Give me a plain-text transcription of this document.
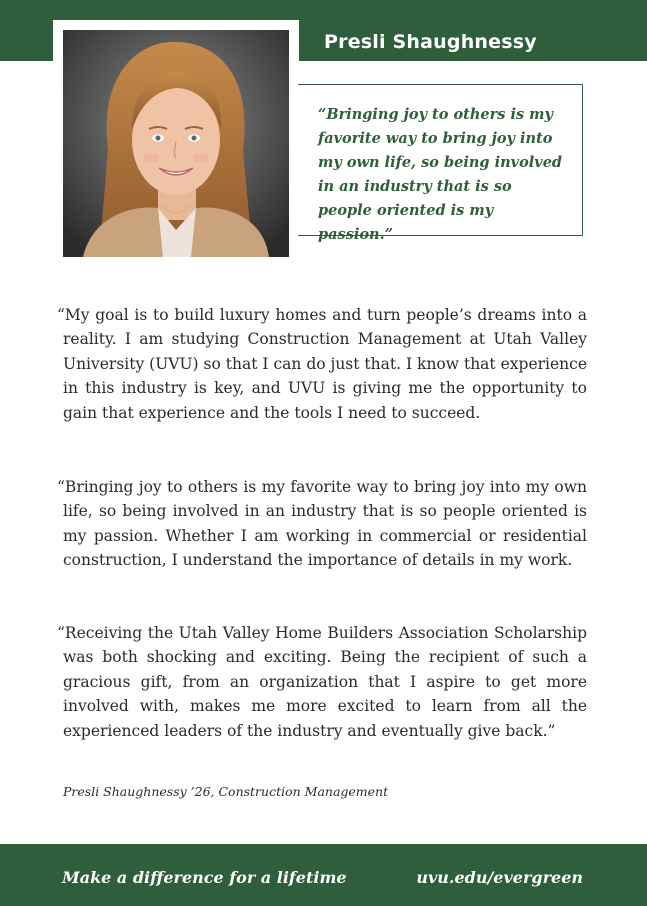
Presli Shaughnessy
“Bringing joy to others is my favorite way to bring joy into my own life, so being involved in an industry that is so people oriented is my passion.”
“My goal is to build luxury homes and turn people’s dreams into a reality. I am studying Construction Management at Utah Valley University (UVU) so that I can do just that. I know that experience in this industry is key, and UVU is giving me the opportunity to gain that experience and the tools I need to succeed.
“Bringing joy to others is my favorite way to bring joy into my own life, so being involved in an industry that is so people oriented is my passion. Whether I am working in commercial or residential construction, I understand the importance of details in my work.
“Receiving the Utah Valley Home Builders Association Scholarship was both shocking and exciting. Being the recipient of such a gracious gift, from an organization that I aspire to get more involved with, makes me more excited to learn from all the experienced leaders of the industry and eventually give back.”
Presli Shaughnessy ’26, Construction Management
Make a difference for a lifetime	uvu.edu/evergreen
